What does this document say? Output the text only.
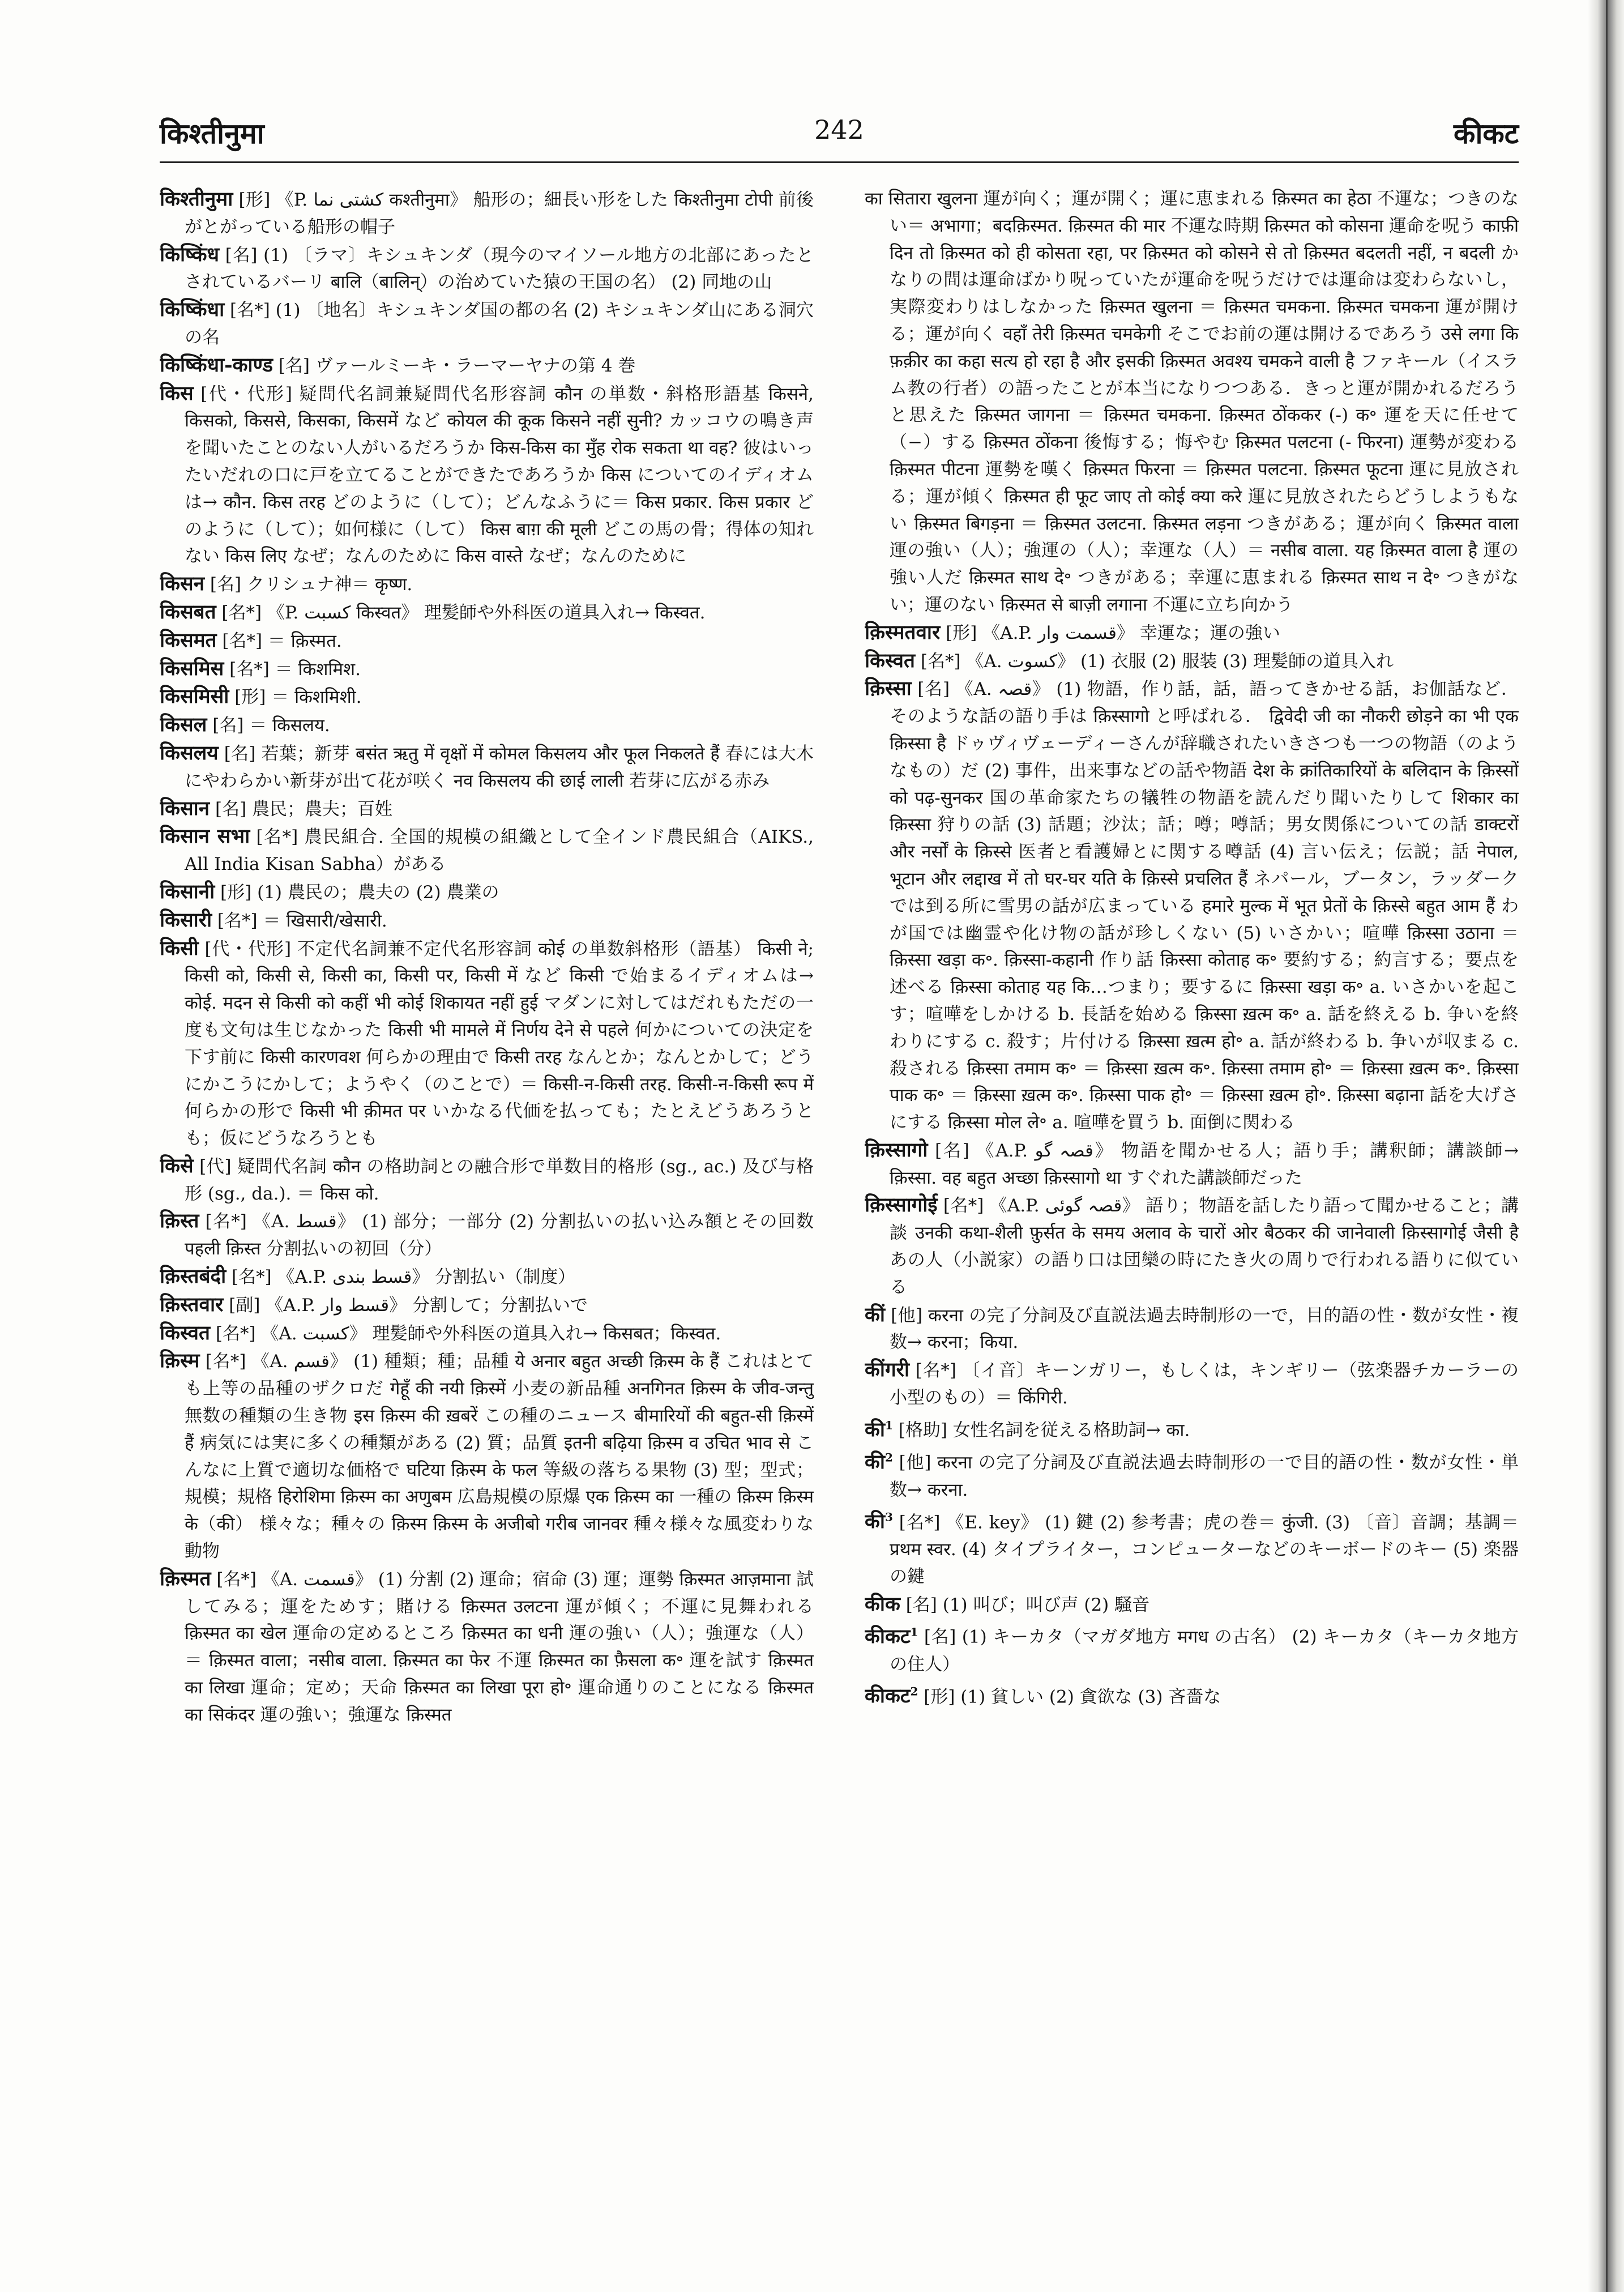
किश्तीनुमा	242	कीकट

किश्तीनुमा [形] 《P. کشتی نما कश्तीनुमा》 船形の；細長い形をした किश्तीनुमा टोपी 前後がとがっている船形の帽子

किष्किंध [名] (1) 〔ラマ〕キシュキンダ（現今のマイソール地方の北部にあったとされているバーリ बालि（बालिन्）の治めていた猿の王国の名） (2) 同地の山

किष्किंधा [名*] (1) 〔地名〕キシュキンダ国の都の名 (2) キシュキンダ山にある洞穴の名

किष्किंधा-काण्ड [名] ヴァールミーキ・ラーマーヤナの第 4 巻

किस [代・代形] 疑問代名詞兼疑問代名形容詞 कौन の単数・斜格形語基 किसने, किसको, किससे, किसका, किसमें など कोयल की कूक किसने नहीं सुनी? カッコウの鳴き声を聞いたことのない人がいるだろうか किस-किस का मुँह रोक सकता था वह? 彼はいったいだれの口に戸を立てることができたであろうか किस についてのイディオムは→ कौन. किस तरह どのように（して）；どんなふうに＝ किस प्रकार. किस प्रकार どのように（して）；如何様に（して） किस बाग़ की मूली どこの馬の骨；得体の知れない किस लिए なぜ；なんのために किस वास्ते なぜ；なんのために

किसन [名] クリシュナ神＝ कृष्ण.

किसबत [名*] 《P. کسبت किस्वत》 理髪師や外科医の道具入れ→ किस्वत.

किसमत [名*] ＝ क़िस्मत.

किसमिस [名*] ＝ किशमिश.

किसमिसी [形] ＝ किशमिशी.

किसल [名] ＝ किसलय.

किसलय [名] 若葉；新芽 बसंत ऋतु में वृक्षों में कोमल किसलय और फूल निकलते हैं 春には大木にやわらかい新芽が出て花が咲く नव किसलय की छाई लाली 若芽に広がる赤み

किसान [名] 農民；農夫；百姓

किसान सभा [名*] 農民組合. 全国的規模の組織として全インド農民組合（AIKS., All India Kisan Sabha）がある

किसानी [形] (1) 農民の；農夫の (2) 農業の

किसारी [名*] ＝ खिसारी/खेसारी.

किसी [代・代形] 不定代名詞兼不定代名形容詞 कोई の単数斜格形（語基） किसी ने; किसी को, किसी से, किसी का, किसी पर, किसी में など किसी で始まるイディオムは→ कोई. मदन से किसी को कहीं भी कोई शिकायत नहीं हुई マダンに対してはだれもただの一度も文句は生じなかった किसी भी मामले में निर्णय देने से पहले 何かについての決定を下す前に किसी कारणवश 何らかの理由で किसी तरह なんとか；なんとかして；どうにかこうにかして；ようやく（のことで）＝ किसी-न-किसी तरह. किसी-न-किसी रूप में 何らかの形で किसी भी क़ीमत पर いかなる代価を払っても；たとえどうあろうとも；仮にどうなろうとも

किसे [代] 疑問代名詞 कौन の格助詞との融合形で単数目的格形 (sg., ac.) 及び与格形 (sg., da.). ＝ किस को.

क़िस्त [名*] 《A. قسط》 (1) 部分；一部分 (2) 分割払いの払い込み額とその回数 पहली क़िस्त 分割払いの初回（分）

क़िस्तबंदी [名*] 《A.P. قسط بندی》 分割払い（制度）

क़िस्तवार [副] 《A.P. قسط وار》 分割して；分割払いで

किस्वत [名*] 《A. کسبت》 理髪師や外科医の道具入れ→ किसबत；किस्वत.

क़िस्म [名*] 《A. قسم》 (1) 種類；種；品種 ये अनार बहुत अच्छी क़िस्म के हैं これはとても上等の品種のザクロだ गेहूँ की नयी क़िस्में 小麦の新品種 अनगिनत क़िस्म के जीव-जन्तु 無数の種類の生き物 इस क़िस्म की ख़बरें この種のニュース बीमारियों की बहुत-सी क़िस्में हैं 病気には実に多くの種類がある (2) 質；品質 इतनी बढ़िया क़िस्म व उचित भाव से こんなに上質で適切な価格で घटिया क़िस्म के फल 等級の落ちる果物 (3) 型；型式；規模；規格 हिरोशिमा क़िस्म का अणुबम 広島規模の原爆 एक क़िस्म का 一種の क़िस्म क़िस्म के（की） 様々な；種々の क़िस्म क़िस्म के अजीबो गरीब जानवर 種々様々な風変わりな動物

क़िस्मत [名*] 《A. قسمت》 (1) 分割 (2) 運命；宿命 (3) 運；運勢 क़िस्मत आज़माना 試してみる；運をためす；賭ける क़िस्मत उलटना 運が傾く；不運に見舞われる क़िस्मत का खेल 運命の定めるところ क़िस्मत का धनी 運の強い（人）；強運な（人）＝ क़िस्मत वाला；नसीब वाला. क़िस्मत का फेर 不運 क़िस्मत का फ़ैसला क॰ 運を試す क़िस्मत का लिखा 運命；定め；天命 क़िस्मत का लिखा पूरा हो॰ 運命通りのことになる क़िस्मत का सिकंदर 運の強い；強運な क़िस्मत

का सितारा खुलना 運が向く；運が開く；運に恵まれる क़िस्मत का हेठा 不運な；つきのない＝ अभागा；बदक़िस्मत. क़िस्मत की मार 不運な時期 क़िस्मत को कोसना 運命を呪う काफ़ी दिन तो क़िस्मत को ही कोसता रहा, पर क़िस्मत को कोसने से तो क़िस्मत बदलती नहीं, न बदली かなりの間は運命ばかり呪っていたが運命を呪うだけでは運命は変わらないし，実際変わりはしなかった क़िस्मत खुलना ＝ क़िस्मत चमकना. क़िस्मत चमकना 運が開ける；運が向く वहाँ तेरी क़िस्मत चमकेगी そこでお前の運は開けるであろう उसे लगा कि फ़क़ीर का कहा सत्य हो रहा है और इसकी क़िस्मत अवश्य चमकने वाली है ファキール（イスラム教の行者）の語ったことが本当になりつつある．きっと運が開かれるだろうと思えた क़िस्मत जागना ＝ क़िस्मत चमकना. क़िस्मत ठोंककर (-) क॰ 運を天に任せて（−）する क़िस्मत ठोंकना 後悔する；悔やむ क़िस्मत पलटना (- फिरना) 運勢が変わる क़िस्मत पीटना 運勢を嘆く क़िस्मत फिरना ＝ क़िस्मत पलटना. क़िस्मत फूटना 運に見放される；運が傾く क़िस्मत ही फूट जाए तो कोई क्या करे 運に見放されたらどうしようもない क़िस्मत बिगड़ना ＝ क़िस्मत उलटना. क़िस्मत लड़ना つきがある；運が向く क़िस्मत वाला 運の強い（人）；強運の（人）；幸運な（人）＝ नसीब वाला. यह क़िस्मत वाला है 運の強い人だ क़िस्मत साथ दे॰ つきがある；幸運に恵まれる क़िस्मत साथ न दे॰ つきがない；運のない क़िस्मत से बाज़ी लगाना 不運に立ち向かう

क़िस्मतवार [形] 《A.P. قسمت وار》 幸運な；運の強い

किस्वत [名*] 《A. کسوت》 (1) 衣服 (2) 服装 (3) 理髪師の道具入れ

क़िस्सा [名] 《A. قصہ》 (1) 物語，作り話，話，語ってきかせる話，お伽話など．そのような話の語り手は क़िस्सागो と呼ばれる． द्विवेदी जी का नौकरी छोड़ने का भी एक क़िस्सा है ドゥヴィヴェーディーさんが辞職されたいきさつも一つの物語（のようなもの）だ (2) 事件，出来事などの話や物語 देश के क्रांतिकारियों के बलिदान के क़िस्सों को पढ़-सुनकर 国の革命家たちの犠牲の物語を読んだり聞いたりして शिकार का क़िस्सा 狩りの話 (3) 話題；沙汰；話；噂；噂話；男女関係についての話 डाक्टरों और नर्सों के क़िस्से 医者と看護婦とに関する噂話 (4) 言い伝え；伝説；話 नेपाल, भूटान और लद्दाख में तो घर-घर यति के क़िस्से प्रचलित हैं ネパール，ブータン，ラッダークでは到る所に雪男の話が広まっている हमारे मुल्क में भूत प्रेतों के क़िस्से बहुत आम हैं わが国では幽霊や化け物の話が珍しくない (5) いさかい；喧嘩 क़िस्सा उठाना ＝ क़िस्सा खड़ा क॰. क़िस्सा-कहानी 作り話 क़िस्सा कोताह क॰ 要約する；約言する；要点を述べる क़िस्सा कोताह यह कि…つまり；要するに क़िस्सा खड़ा क॰ a. いさかいを起こす；喧嘩をしかける b. 長話を始める क़िस्सा ख़त्म क॰ a. 話を終える b. 争いを終わりにする c. 殺す；片付ける क़िस्सा ख़त्म हो॰ a. 話が終わる b. 争いが収まる c. 殺される क़िस्सा तमाम क॰ ＝ क़िस्सा ख़त्म क॰. क़िस्सा तमाम हो॰ ＝ क़िस्सा ख़त्म क॰. क़िस्सा पाक क॰ ＝ क़िस्सा ख़त्म क॰. क़िस्सा पाक हो॰ ＝ क़िस्सा ख़त्म हो॰. क़िस्सा बढ़ाना 話を大げさにする क़िस्सा मोल ले॰ a. 喧嘩を買う b. 面倒に関わる

क़िस्सागो [名] 《A.P. قصہ گو》 物語を聞かせる人；語り手；講釈師；講談師→ क़िस्सा. वह बहुत अच्छा क़िस्सागो था すぐれた講談師だった

क़िस्सागोई [名*] 《A.P. قصہ گوئی》 語り；物語を話したり語って聞かせること；講談 उनकी कथा-शैली फ़ुर्सत के समय अलाव के चारों ओर बैठकर की जानेवाली क़िस्सागोई जैसी है あの人（小説家）の語り口は団欒の時にたき火の周りで行われる語りに似ている

कीं [他] करना の完了分詞及び直説法過去時制形の一で，目的語の性・数が女性・複数→ करना；किया.

कींगरी [名*] 〔イ音〕キーンガリー，もしくは，キンギリー（弦楽器チカーラーの小型のもの）＝ किंगिरी.

की$^1$ [格助] 女性名詞を従える格助詞→ का.

की$^2$ [他] करना の完了分詞及び直説法過去時制形の一で目的語の性・数が女性・単数→ करना.

की$^3$ [名*] 《E. key》 (1) 鍵 (2) 参考書；虎の巻＝ कुंजी. (3) 〔音〕音調；基調＝ प्रथम स्वर. (4) タイプライター，コンピューターなどのキーボードのキー (5) 楽器の鍵

कीक [名] (1) 叫び；叫び声 (2) 騒音

कीकट$^1$ [名] (1) キーカタ（マガダ地方 मगध の古名） (2) キーカタ（キーカタ地方の住人）

कीकट$^2$ [形] (1) 貧しい (2) 貪欲な (3) 吝嗇な
